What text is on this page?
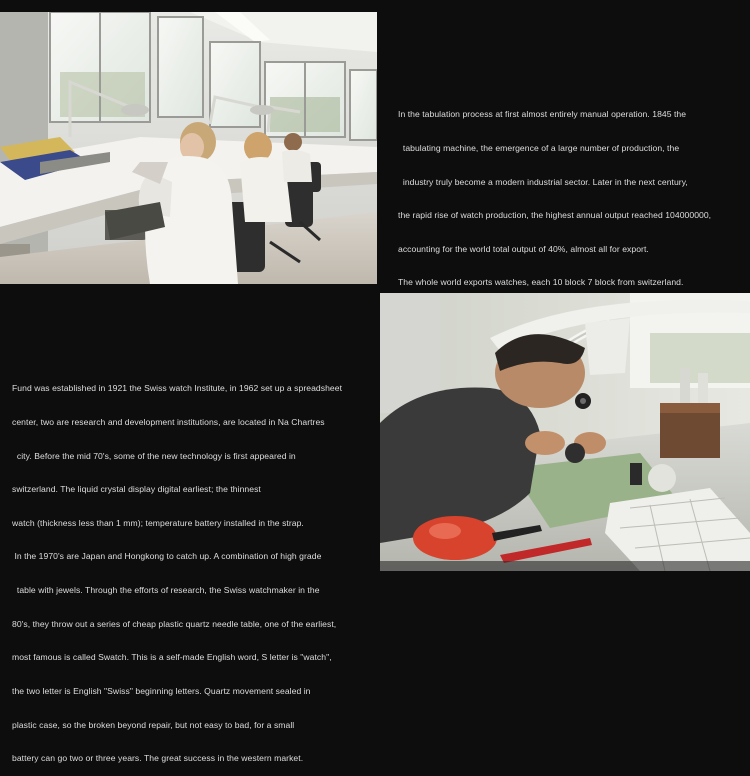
In the tabulation process at first almost entirely manual operation. 1845 the

tabulating machine, the emergence of a large number of production, the

industry truly become a modern industrial sector. Later in the next century,

the rapid rise of watch production, the highest annual output reached 104000000,

accounting for the world total output of 40%, almost all for export.

The whole world exports watches, each 10 block 7 block from switzerland.

Fund was established in 1921 the Swiss watch Institute, in 1962 set up a spreadsheet

center, two are research and development institutions, are located in Na Chartres

city. Before the mid 70's, some of the new technology is first appeared in

switzerland. The liquid crystal display digital earliest; the thinnest

watch (thickness less than 1 mm); temperature battery installed in the strap.

In the 1970's are Japan and Hongkong to catch up. A combination of high grade

table with jewels. Through the efforts of research, the Swiss watchmaker in the

80's, they throw out a series of cheap plastic quartz needle table, one of the earliest,

most famous is called Swatch. This is a self-made English word, S letter is "watch",

the two letter is English "Swiss" beginning letters. Quartz movement sealed in

plastic case, so the broken beyond repair, but not easy to bad, for a small

battery can go two or three years. The great success in the western market.
